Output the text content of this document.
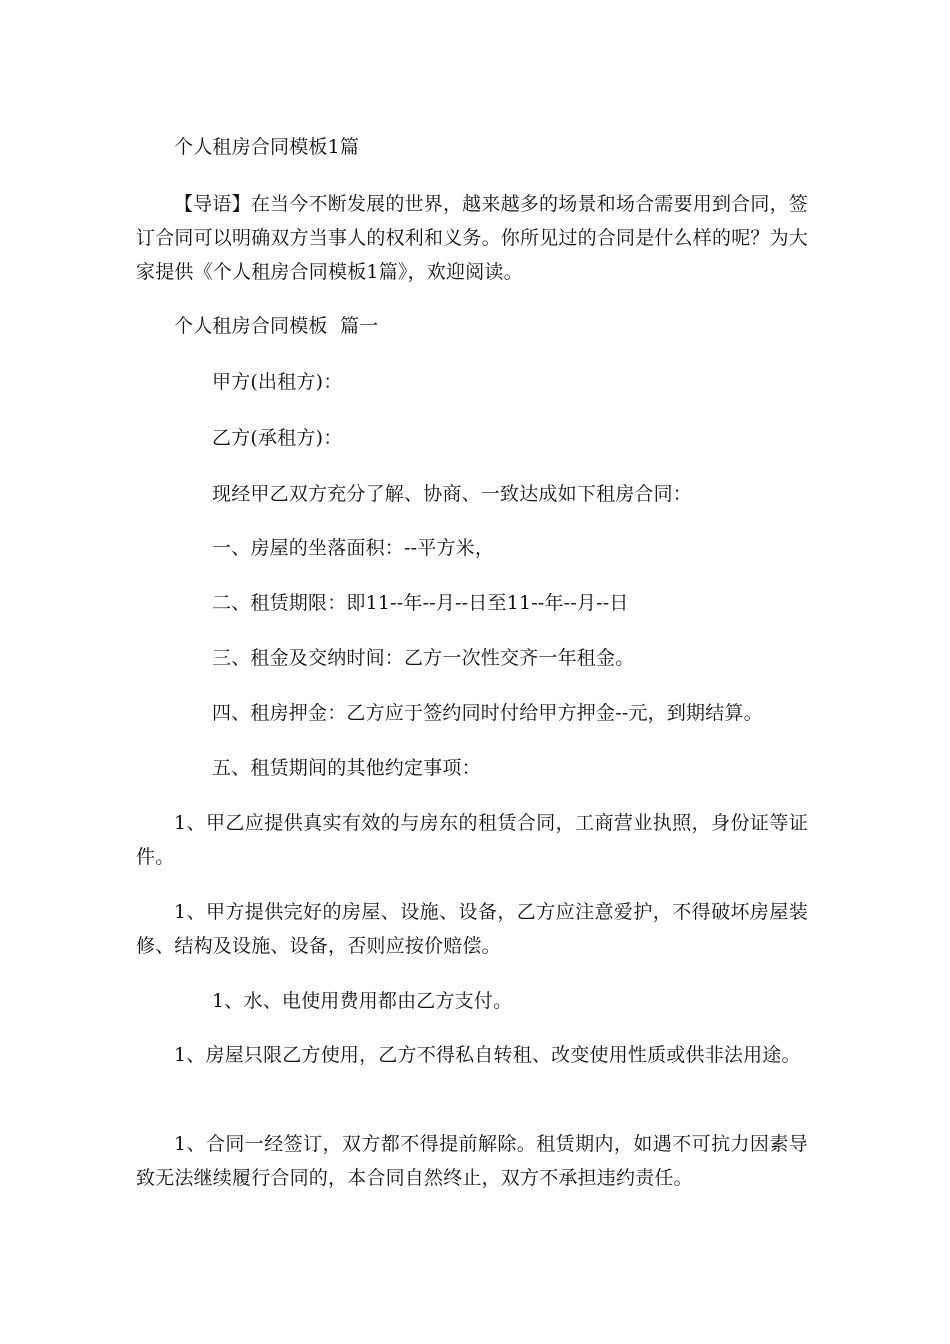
个人租房合同模板1篇
【导语】在当今不断发展的世界，越来越多的场景和场合需要用到合同，签订合同可以明确双方当事人的权利和义务。你所见过的合同是什么样的呢？为大家提供《个人租房合同模板1篇》，欢迎阅读。
个人租房合同模板  篇一
甲方(出租方)：
乙方(承租方)：
现经甲乙双方充分了解、协商、一致达成如下租房合同：
一、房屋的坐落面积：--平方米，
二、租赁期限：即11--年--月--日至11--年--月--日
三、租金及交纳时间：乙方一次性交齐一年租金。
四、租房押金：乙方应于签约同时付给甲方押金--元，到期结算。
五、租赁期间的其他约定事项：
1、甲乙应提供真实有效的与房东的租赁合同，工商营业执照，身份证等证件。
1、甲方提供完好的房屋、设施、设备，乙方应注意爱护，不得破坏房屋装修、结构及设施、设备，否则应按价赔偿。
1、水、电使用费用都由乙方支付。
1、房屋只限乙方使用，乙方不得私自转租、改变使用性质或供非法用途。
1、合同一经签订，双方都不得提前解除。租赁期内，如遇不可抗力因素导致无法继续履行合同的，本合同自然终止，双方不承担违约责任。
